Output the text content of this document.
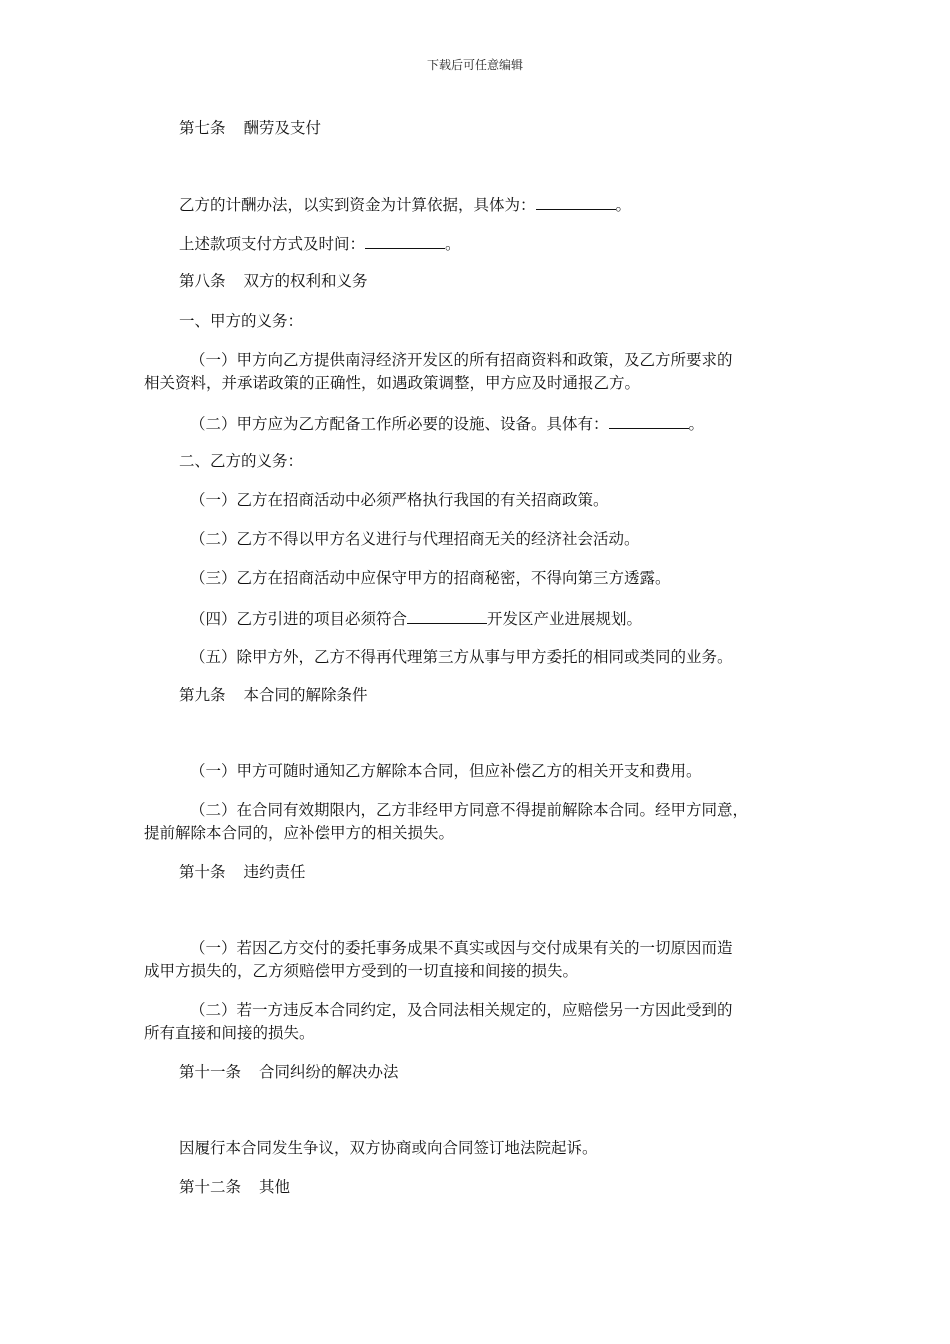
下载后可任意编辑
第七条 酬劳及支付
乙方的计酬办法，以实到资金为计算依据，具体为：	。
上述款项支付方式及时间：	。
第八条 双方的权利和义务
一、甲方的义务：
（一）甲方向乙方提供南浔经济开发区的所有招商资料和政策，及乙方所要求的
相关资料，并承诺政策的正确性，如遇政策调整，甲方应及时通报乙方。
（二）甲方应为乙方配备工作所必要的设施、设备。具体有：	。
二、乙方的义务：
（一）乙方在招商活动中必须严格执行我国的有关招商政策。
（二）乙方不得以甲方名义进行与代理招商无关的经济社会活动。
（三）乙方在招商活动中应保守甲方的招商秘密，不得向第三方透露。
（四）乙方引进的项目必须符合	开发区产业进展规划。
（五）除甲方外，乙方不得再代理第三方从事与甲方委托的相同或类同的业务。
第九条 本合同的解除条件
（一）甲方可随时通知乙方解除本合同，但应补偿乙方的相关开支和费用。
（二）在合同有效期限内，乙方非经甲方同意不得提前解除本合同。经甲方同意，
提前解除本合同的，应补偿甲方的相关损失。
第十条 违约责任
（一）若因乙方交付的委托事务成果不真实或因与交付成果有关的一切原因而造
成甲方损失的，乙方须赔偿甲方受到的一切直接和间接的损失。
（二）若一方违反本合同约定，及合同法相关规定的，应赔偿另一方因此受到的
所有直接和间接的损失。
第十一条 合同纠纷的解决办法
因履行本合同发生争议，双方协商或向合同签订地法院起诉。
第十二条 其他
